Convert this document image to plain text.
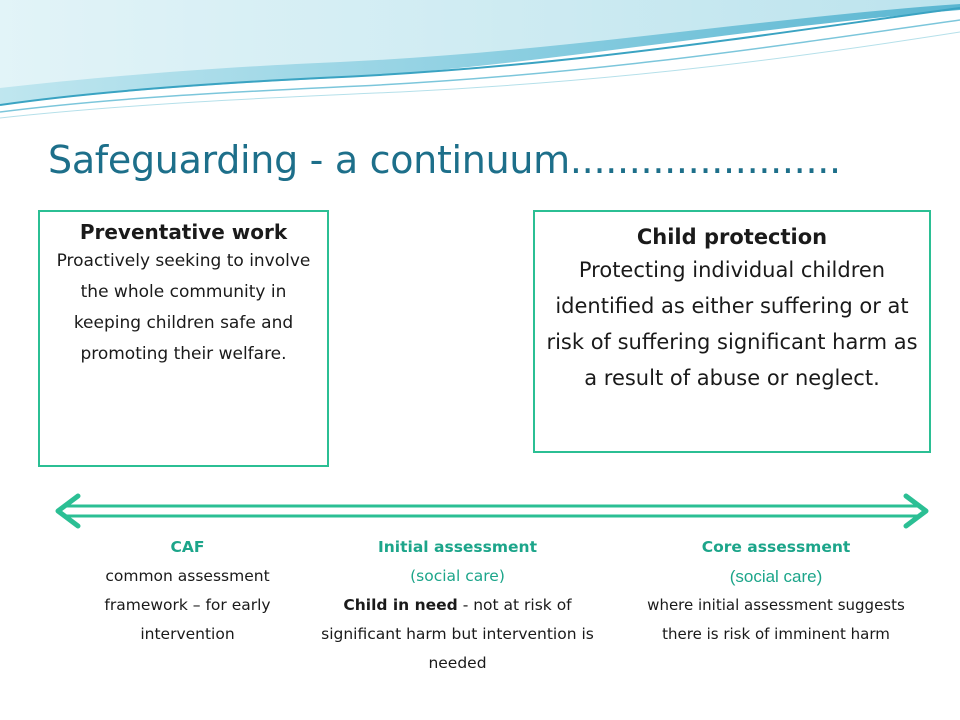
Safeguarding - a continuum.......................
Preventative work
Proactively seeking to involve the whole community in keeping children safe and promoting their welfare.
Child protection
Protecting individual children identified as either suffering or at risk of suffering significant harm as a result of abuse or neglect.
CAF
common assessment framework – for early intervention
Initial assessment
(social care)
Child in need - not at risk of significant harm but intervention is needed
Core assessment
(social care)
where initial assessment suggests there is risk of imminent harm
